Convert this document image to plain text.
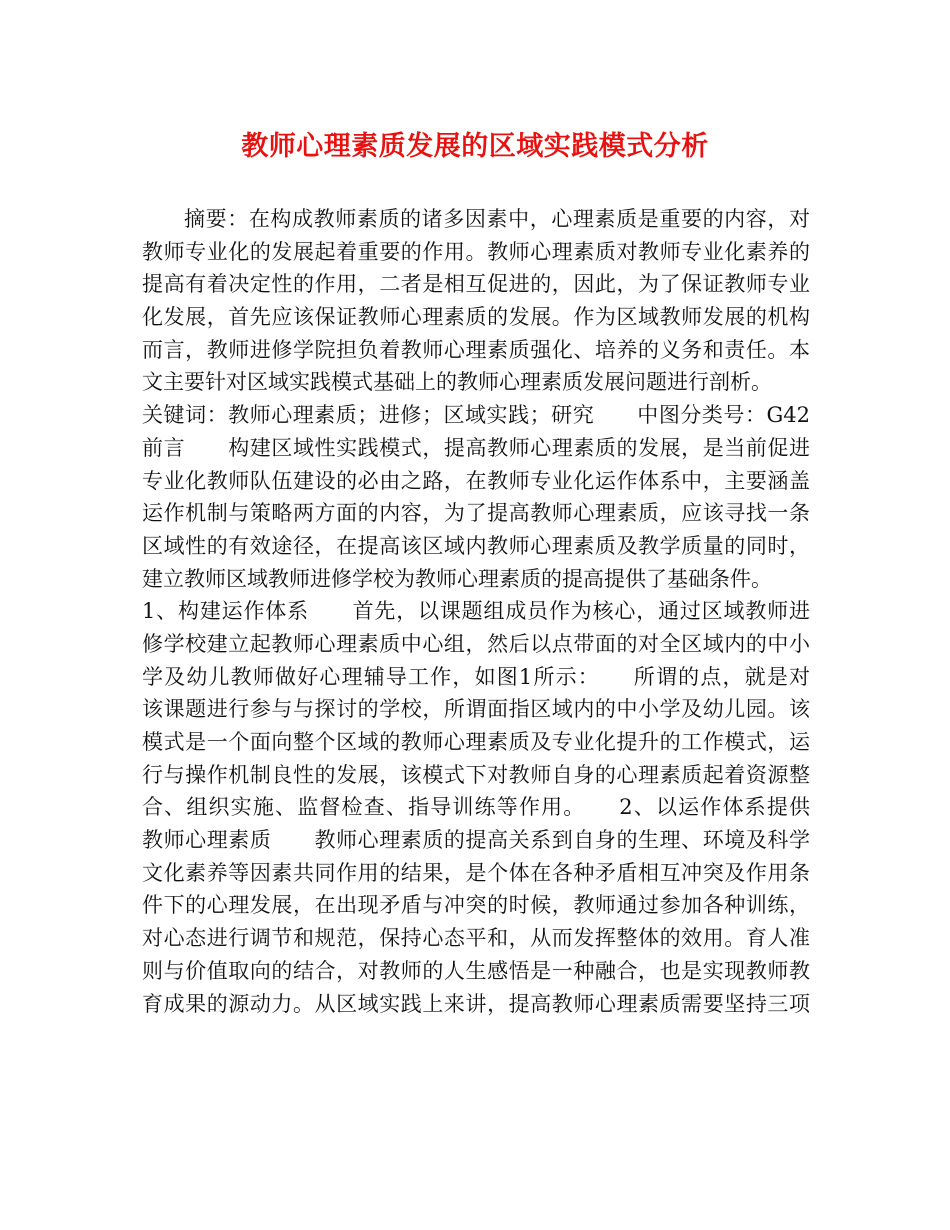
教师心理素质发展的区域实践模式分析
摘要：在构成教师素质的诸多因素中，心理素质是重要的内容，对
教师专业化的发展起着重要的作用。教师心理素质对教师专业化素养的
提高有着决定性的作用，二者是相互促进的，因此，为了保证教师专业
化发展，首先应该保证教师心理素质的发展。作为区域教师发展的机构
而言，教师进修学院担负着教师心理素质强化、培养的义务和责任。本
文主要针对区域实践模式基础上的教师心理素质发展问题进行剖析。
关键词：教师心理素质；进修；区域实践；研究　　中图分类号：G42
前言　　构建区域性实践模式，提高教师心理素质的发展，是当前促进
专业化教师队伍建设的必由之路，在教师专业化运作体系中，主要涵盖
运作机制与策略两方面的内容，为了提高教师心理素质，应该寻找一条
区域性的有效途径，在提高该区域内教师心理素质及教学质量的同时，
建立教师区域教师进修学校为教师心理素质的提高提供了基础条件。
1、构建运作体系　　首先，以课题组成员作为核心，通过区域教师进
修学校建立起教师心理素质中心组，然后以点带面的对全区域内的中小
学及幼儿教师做好心理辅导工作，如图1所示：　　所谓的点，就是对
该课题进行参与与探讨的学校，所谓面指区域内的中小学及幼儿园。该
模式是一个面向整个区域的教师心理素质及专业化提升的工作模式，运
行与操作机制良性的发展，该模式下对教师自身的心理素质起着资源整
合、组织实施、监督检查、指导训练等作用。　　2、以运作体系提供
教师心理素质　　教师心理素质的提高关系到自身的生理、环境及科学
文化素养等因素共同作用的结果，是个体在各种矛盾相互冲突及作用条
件下的心理发展，在出现矛盾与冲突的时候，教师通过参加各种训练，
对心态进行调节和规范，保持心态平和，从而发挥整体的效用。育人准
则与价值取向的结合，对教师的人生感悟是一种融合，也是实现教师教
育成果的源动力。从区域实践上来讲，提高教师心理素质需要坚持三项
